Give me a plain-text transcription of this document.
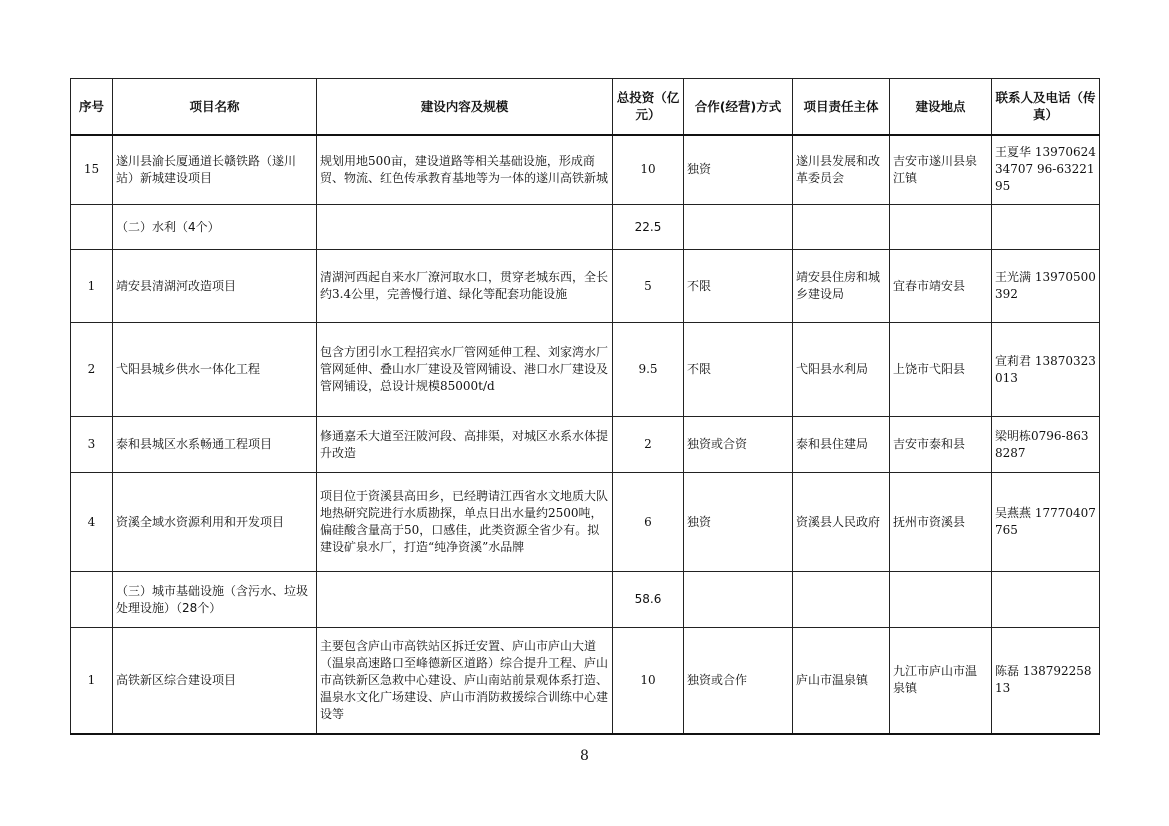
序号	项目名称	建设内容及规模	总投资（亿元）	合作(经营)方式	项目责任主体	建设地点	联系人及电话（传真）
15	遂川县渝长厦通道长赣铁路（遂川站）新城建设项目	规划用地500亩，建设道路等相关基础设施，形成商贸、物流、红色传承教育基地等为一体的遂川高铁新城	10	独资	遂川县发展和改革委员会	吉安市遂川县泉江镇	王夏华 1397062434707 96-6322195
	（二）水利（4个）		22.5				
1	靖安县清湖河改造项目	清湖河西起自来水厂潦河取水口，贯穿老城东西，全长约3.4公里，完善慢行道、绿化等配套功能设施	5	不限	靖安县住房和城乡建设局	宜春市靖安县	王光满 13970500392
2	弋阳县城乡供水一体化工程	包含方团引水工程招宾水厂管网延伸工程、刘家湾水厂管网延伸、叠山水厂建设及管网铺设、港口水厂建设及管网铺设，总设计规模85000t/d	9.5	不限	弋阳县水利局	上饶市弋阳县	宣莉君 13870323013
3	泰和县城区水系畅通工程项目	修通嘉禾大道至汪陂河段、高排渠，对城区水系水体提升改造	2	独资或合资	泰和县住建局	吉安市泰和县	梁明栋0796-8638287
4	资溪全域水资源利用和开发项目	项目位于资溪县高田乡，已经聘请江西省水文地质大队地热研究院进行水质勘探，单点日出水量约2500吨，偏硅酸含量高于50，口感佳，此类资源全省少有。拟建设矿泉水厂，打造“纯净资溪”水品牌	6	独资	资溪县人民政府	抚州市资溪县	吴燕燕 17770407765
	（三）城市基础设施（含污水、垃圾处理设施）（28个）		58.6				
1	高铁新区综合建设项目	主要包含庐山市高铁站区拆迁安置、庐山市庐山大道（温泉高速路口至峰德新区道路）综合提升工程、庐山市高铁新区急救中心建设、庐山南站前景观体系打造、温泉水文化广场建设、庐山市消防救援综合训练中心建设等	10	独资或合作	庐山市温泉镇	九江市庐山市温泉镇	陈磊 13879225813
8
